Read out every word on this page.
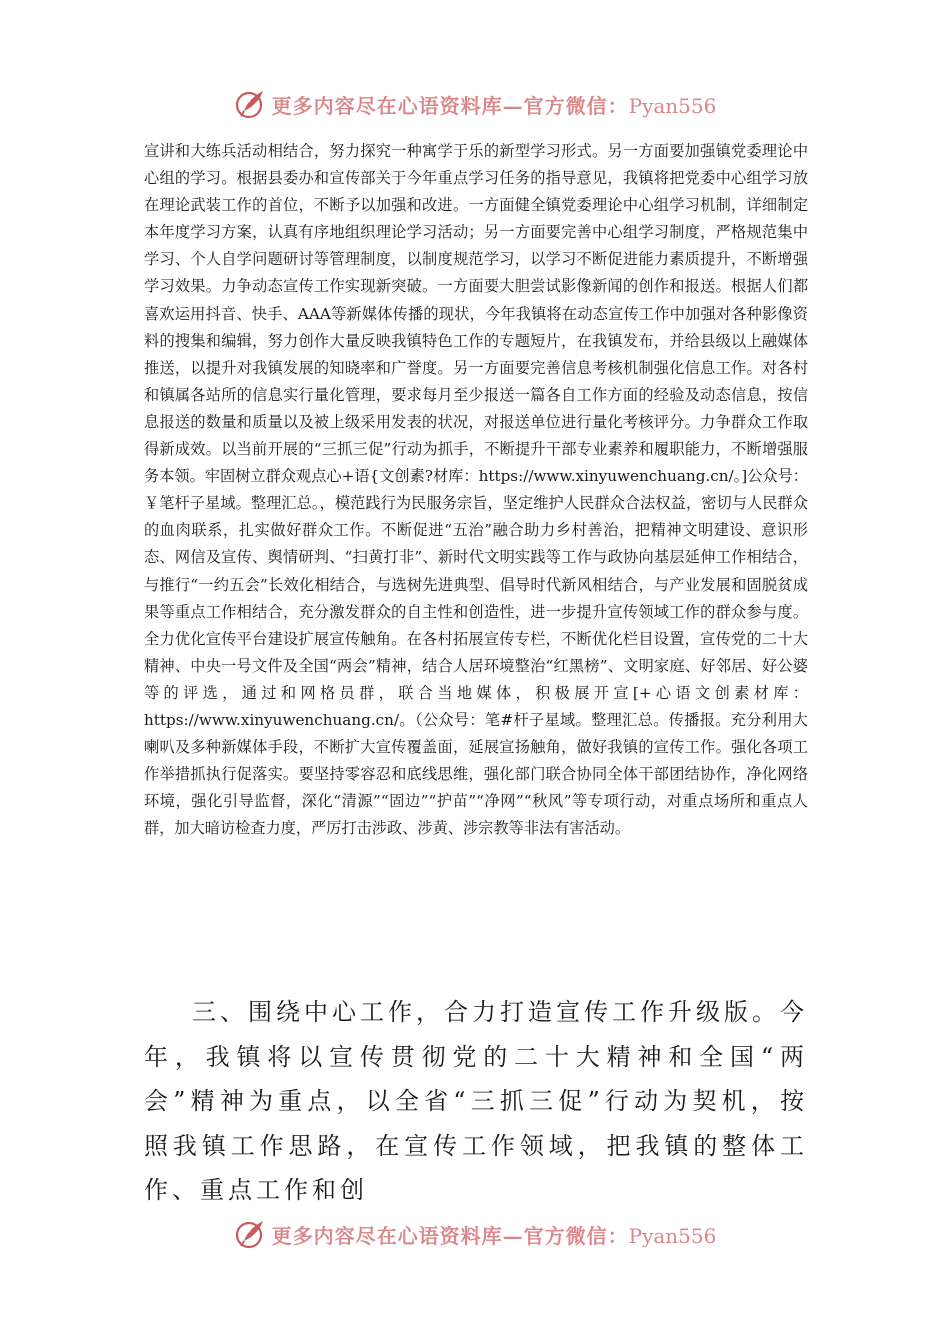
更多内容尽在心语资料库—官方微信：Pyan556

宣讲和大练兵活动相结合，努力探究一种寓学于乐的新型学习形式。另一方面要加强镇党委理论中心组的学习。根据县委办和宣传部关于今年重点学习任务的指导意见，我镇将把党委中心组学习放在理论武装工作的首位，不断予以加强和改进。一方面健全镇党委理论中心组学习机制，详细制定本年度学习方案，认真有序地组织理论学习活动；另一方面要完善中心组学习制度，严格规范集中学习、个人自学问题研讨等管理制度，以制度规范学习，以学习不断促进能力素质提升，不断增强学习效果。力争动态宣传工作实现新突破。一方面要大胆尝试影像新闻的创作和报送。根据人们都喜欢运用抖音、快手、AAA等新媒体传播的现状，今年我镇将在动态宣传工作中加强对各种影像资料的搜集和编辑，努力创作大量反映我镇特色工作的专题短片，在我镇发布，并给县级以上融媒体推送，以提升对我镇发展的知晓率和广誉度。另一方面要完善信息考核机制强化信息工作。对各村和镇属各站所的信息实行量化管理，要求每月至少报送一篇各自工作方面的经验及动态信息，按信息报送的数量和质量以及被上级采用发表的状况，对报送单位进行量化考核评分。力争群众工作取得新成效。以当前开展的“三抓三促”行动为抓手，不断提升干部专业素养和履职能力，不断增强服务本领。牢固树立群众观点心+语{文创素?材库：https://www.xinyuwenchuang.cn/。]公众号：￥笔杆子星域。整理汇总。，模范践行为民服务宗旨，坚定维护人民群众合法权益，密切与人民群众的血肉联系，扎实做好群众工作。不断促进“五治”融合助力乡村善治，把精神文明建设、意识形态、网信及宣传、舆情研判、“扫黄打非”、新时代文明实践等工作与政协向基层延伸工作相结合，与推行“一约五会”长效化相结合，与选树先进典型、倡导时代新风相结合，与产业发展和固脱贫成果等重点工作相结合，充分激发群众的自主性和创造性，进一步提升宣传领域工作的群众参与度。全力优化宣传平台建设扩展宣传触角。在各村拓展宣传专栏，不断优化栏目设置，宣传党的二十大精神、中央一号文件及全国“两会”精神，结合人居环境整治“红黑榜”、文明家庭、好邻居、好公婆等的评选，通过和网格员群，联合当地媒体，积极展开宣[+心语文创素材库：https://www.xinyuwenchuang.cn/。（公众号：笔#杆子星域。整理汇总。传播报。充分利用大喇叭及多种新媒体手段，不断扩大宣传覆盖面，延展宣扬触角，做好我镇的宣传工作。强化各项工作举措抓执行促落实。要坚持零容忍和底线思维，强化部门联合协同全体干部团结协作，净化网络环境，强化引导监督，深化“清源”“固边”“护苗”“净网”“秋风”等专项行动，对重点场所和重点人群，加大暗访检查力度，严厉打击涉政、涉黄、涉宗教等非法有害活动。

三、围绕中心工作，合力打造宣传工作升级版。今年，我镇将以宣传贯彻党的二十大精神和全国“两会”精神为重点，以全省“三抓三促”行动为契机，按照我镇工作思路，在宣传工作领域，把我镇的整体工作、重点工作和创

更多内容尽在心语资料库—官方微信：Pyan556
